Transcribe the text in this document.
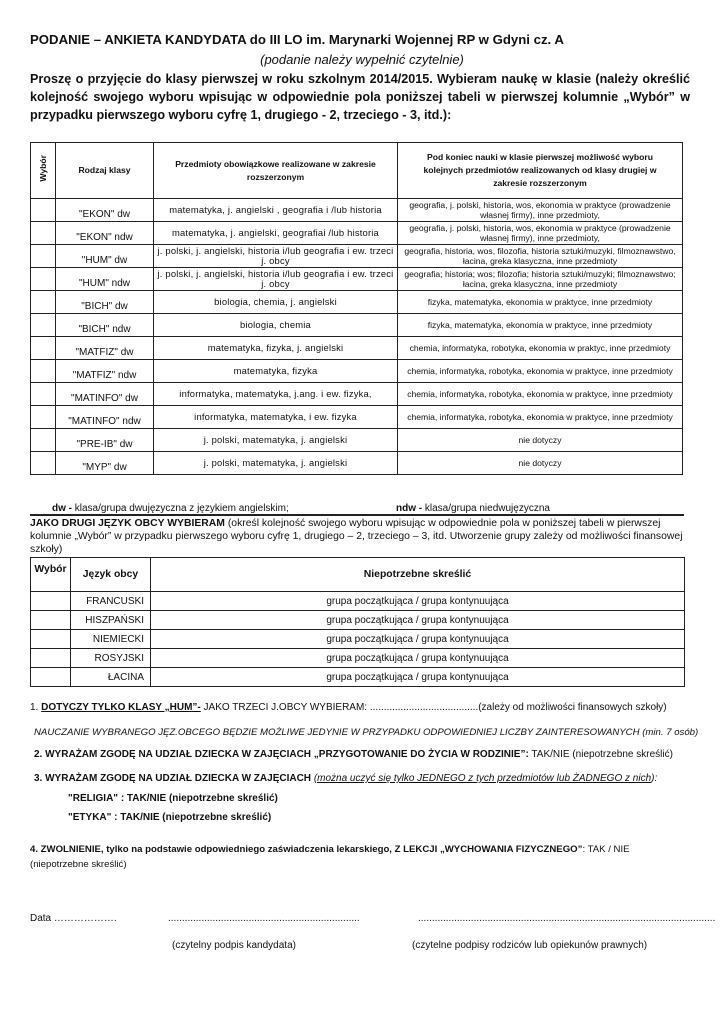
PODANIE – ANKIETA KANDYDATA do III LO im. Marynarki Wojennej RP w Gdyni cz. A
(podanie należy wypełnić czytelnie)
Proszę o przyjęcie do klasy pierwszej w roku szkolnym 2014/2015. Wybieram naukę w klasie (należy określić kolejność swojego wyboru wpisując w odpowiednie pola poniższej tabeli w pierwszej kolumnie „Wybór” w przypadku pierwszego wyboru cyfrę 1, drugiego - 2, trzeciego - 3, itd.):
Wybór	Rodzaj klasy	Przedmioty obowiązkowe realizowane w zakresie rozszerzonym	Pod koniec nauki w klasie pierwszej możliwość wyboru kolejnych przedmiotów realizowanych od klasy drugiej w zakresie rozszerzonym
	"EKON" dw	matematyka, j. angielski , geografia i /lub historia	geografia, j. polski, historia, wos, ekonomia w praktyce (prowadzenie własnej firmy), inne przedmioty,
	"EKON" ndw	matematyka, j. angielski, geografiai /lub historia	geografia, j. polski, historia, wos, ekonomia w praktyce (prowadzenie własnej firmy), inne przedmioty,
	"HUM" dw	j. polski, j. angielski, historia i/lub geografia i ew. trzeci j. obcy	geografia, historia, wos, filozofia, historia sztuki/muzyki, filmoznawstwo, łacina, greka klasyczna, inne przedmioty
	"HUM" ndw	j. polski, j. angielski, historia i/lub geografia i ew. trzeci j. obcy	geografia; historia; wos; filozofia; historia sztuki/muzyki; filmoznawstwo; łacina, greka klasyczna, inne przedmioty
	"BICH" dw	biologia, chemia, j. angielski	fizyka, matematyka, ekonomia w praktyce, inne przedmioty
	"BICH" ndw	biologia, chemia	fizyka, matematyka, ekonomia w praktyce, inne przedmioty
	"MATFIZ" dw	matematyka, fizyka, j. angielski	chemia, informatyka, robotyka, ekonomia w praktyc, inne przedmioty
	"MATFIZ" ndw	matematyka, fizyka	chemia, informatyka, robotyka, ekonomia w praktyce, inne przedmioty
	"MATINFO" dw	informatyka, matematyka, j.ang. i ew. fizyka,	chemia, informatyka, robotyka, ekonomia w praktyce, inne przedmioty
	"MATINFO" ndw	informatyka, matematyka, i ew. fizyka	chemia, informatyka, robotyka, ekonomia w praktyce, inne przedmioty
	"PRE-IB" dw	j. polski, matematyka, j. angielski	nie dotyczy
	"MYP" dw	j. polski, matematyka, j. angielski	nie dotyczy
dw - klasa/grupa dwujęzyczna z językiem angielskim;	ndw - klasa/grupa niedwujęzyczna
JAKO DRUGI JĘZYK OBCY WYBIERAM (określ kolejność swojego wyboru wpisując w odpowiednie pola w poniższej tabeli w pierwszej kolumnie „Wybór” w przypadku pierwszego wyboru cyfrę 1, drugiego – 2, trzeciego – 3, itd. Utworzenie grupy zależy od możliwości finansowej szkoły)
Wybór	Język obcy	Niepotrzebne skreślić
	FRANCUSKI	grupa początkująca / grupa kontynuująca
	HISZPAŃSKI	grupa początkująca / grupa kontynuująca
	NIEMIECKI	grupa początkująca / grupa kontynuująca
	ROSYJSKI	grupa początkująca / grupa kontynuująca
	ŁACINA	grupa początkująca / grupa kontynuująca
1. DOTYCZY TYLKO KLASY „HUM”- JAKO TRZECI J.OBCY WYBIERAM: .......................................(zależy od możliwości finansowych szkoły)
NAUCZANIE WYBRANEGO JĘZ.OBCEGO BĘDZIE MOŻLIWE JEDYNIE W PRZYPADKU ODPOWIEDNIEJ LICZBY ZAINTERESOWANYCH (min. 7 osób)
2. WYRAŻAM ZGODĘ NA UDZIAŁ DZIECKA W ZAJĘCIACH „PRZYGOTOWANIE DO ŻYCIA W RODZINIE”: TAK/NIE (niepotrzebne skreślić)
3. WYRAŻAM ZGODĘ NA UDZIAŁ DZIECKA W ZAJĘCIACH (można uczyć się tylko JEDNEGO z tych przedmiotów lub ŻADNEGO z nich):
"RELIGIA" : TAK/NIE (niepotrzebne skreślić)
"ETYKA" : TAK/NIE (niepotrzebne skreślić)
4. ZWOLNIENIE, tylko na podstawie odpowiedniego zaświadczenia lekarskiego, Z LEKCJI „WYCHOWANIA FIZYCZNEGO”: TAK / NIE (niepotrzebne skreślić)
Data ……………….	.....................................................................	...........................................................................................................
(czytelny podpis kandydata)	(czytelne podpisy rodziców lub opiekunów prawnych)
